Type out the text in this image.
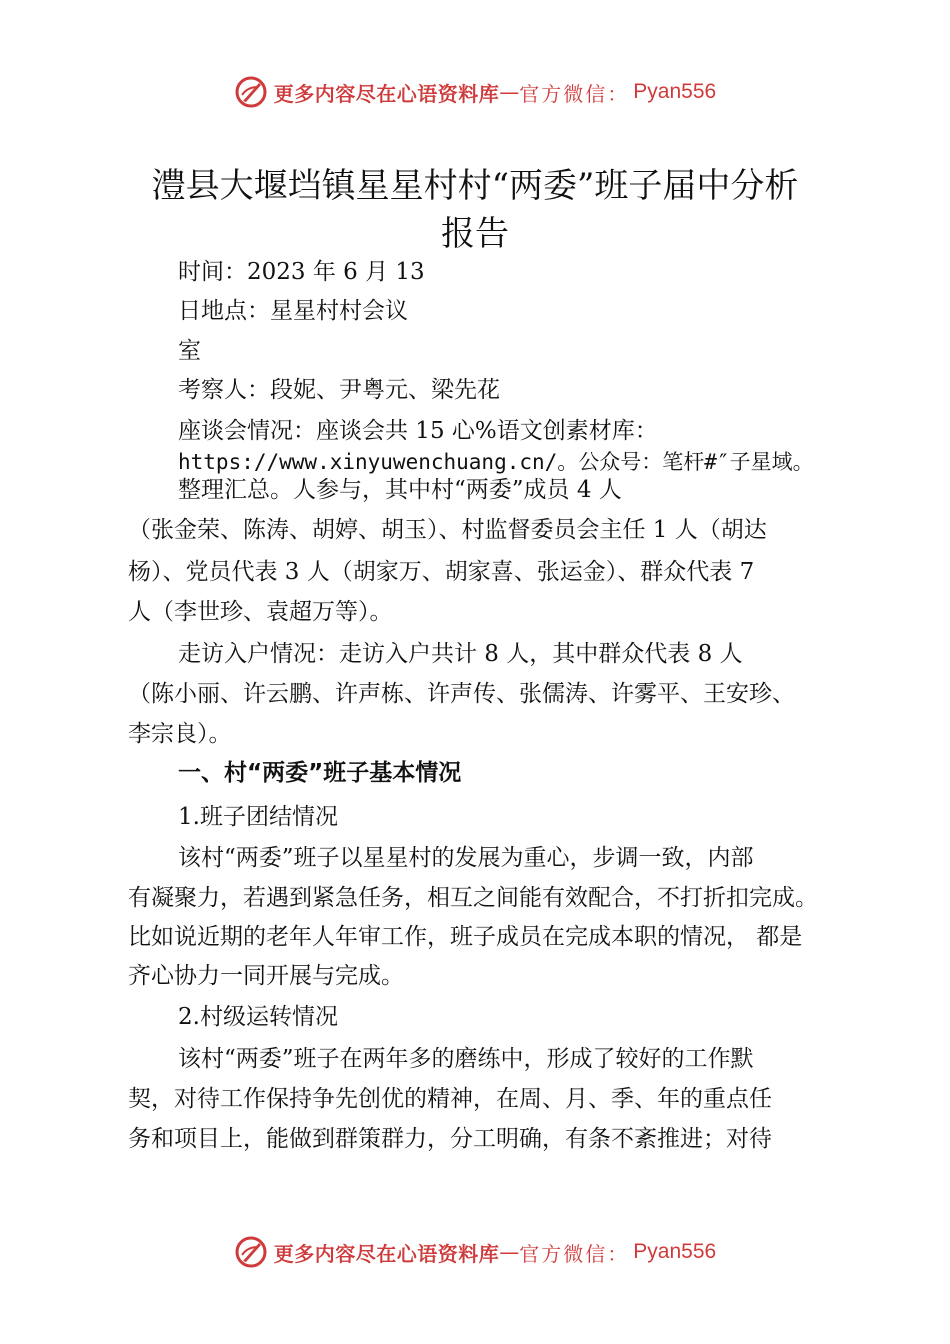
更多内容尽在心语资料库 — 官方微信： Pyan556
澧县大堰垱镇星星村村“两委”班子届中分析
报告
时间：2023 年 6 月 13
日地点：星星村村会议
室
考察人：段妮、尹粤元、梁先花
座谈会情况：座谈会共 15 心%语文创素材库：
https://www.xinyuwenchuang.cn/。公众号：笔杆#″子星域。
整理汇总。人参与，其中村“两委”成员 4 人
（张金荣、陈涛、胡婷、胡玉）、村监督委员会主任 1 人（胡达
杨）、党员代表 3 人（胡家万、胡家喜、张运金）、群众代表 7
人（李世珍、袁超万等）。
走访入户情况：走访入户共计 8 人，其中群众代表 8 人
（陈小丽、许云鹏、许声栋、许声传、张儒涛、许雾平、王安珍、
李宗良）。
一、村“两委”班子基本情况
1.班子团结情况
该村“两委”班子以星星村的发展为重心，步调一致，内部
有凝聚力，若遇到紧急任务，相互之间能有效配合，不打折扣完成。
比如说近期的老年人年审工作，班子成员在完成本职的情况， 都是
齐心协力一同开展与完成。
2.村级运转情况
该村“两委”班子在两年多的磨练中，形成了较好的工作默
契，对待工作保持争先创优的精神，在周、月、季、年的重点任
务和项目上，能做到群策群力，分工明确，有条不紊推进；对待
更多内容尽在心语资料库 — 官方微信： Pyan556
